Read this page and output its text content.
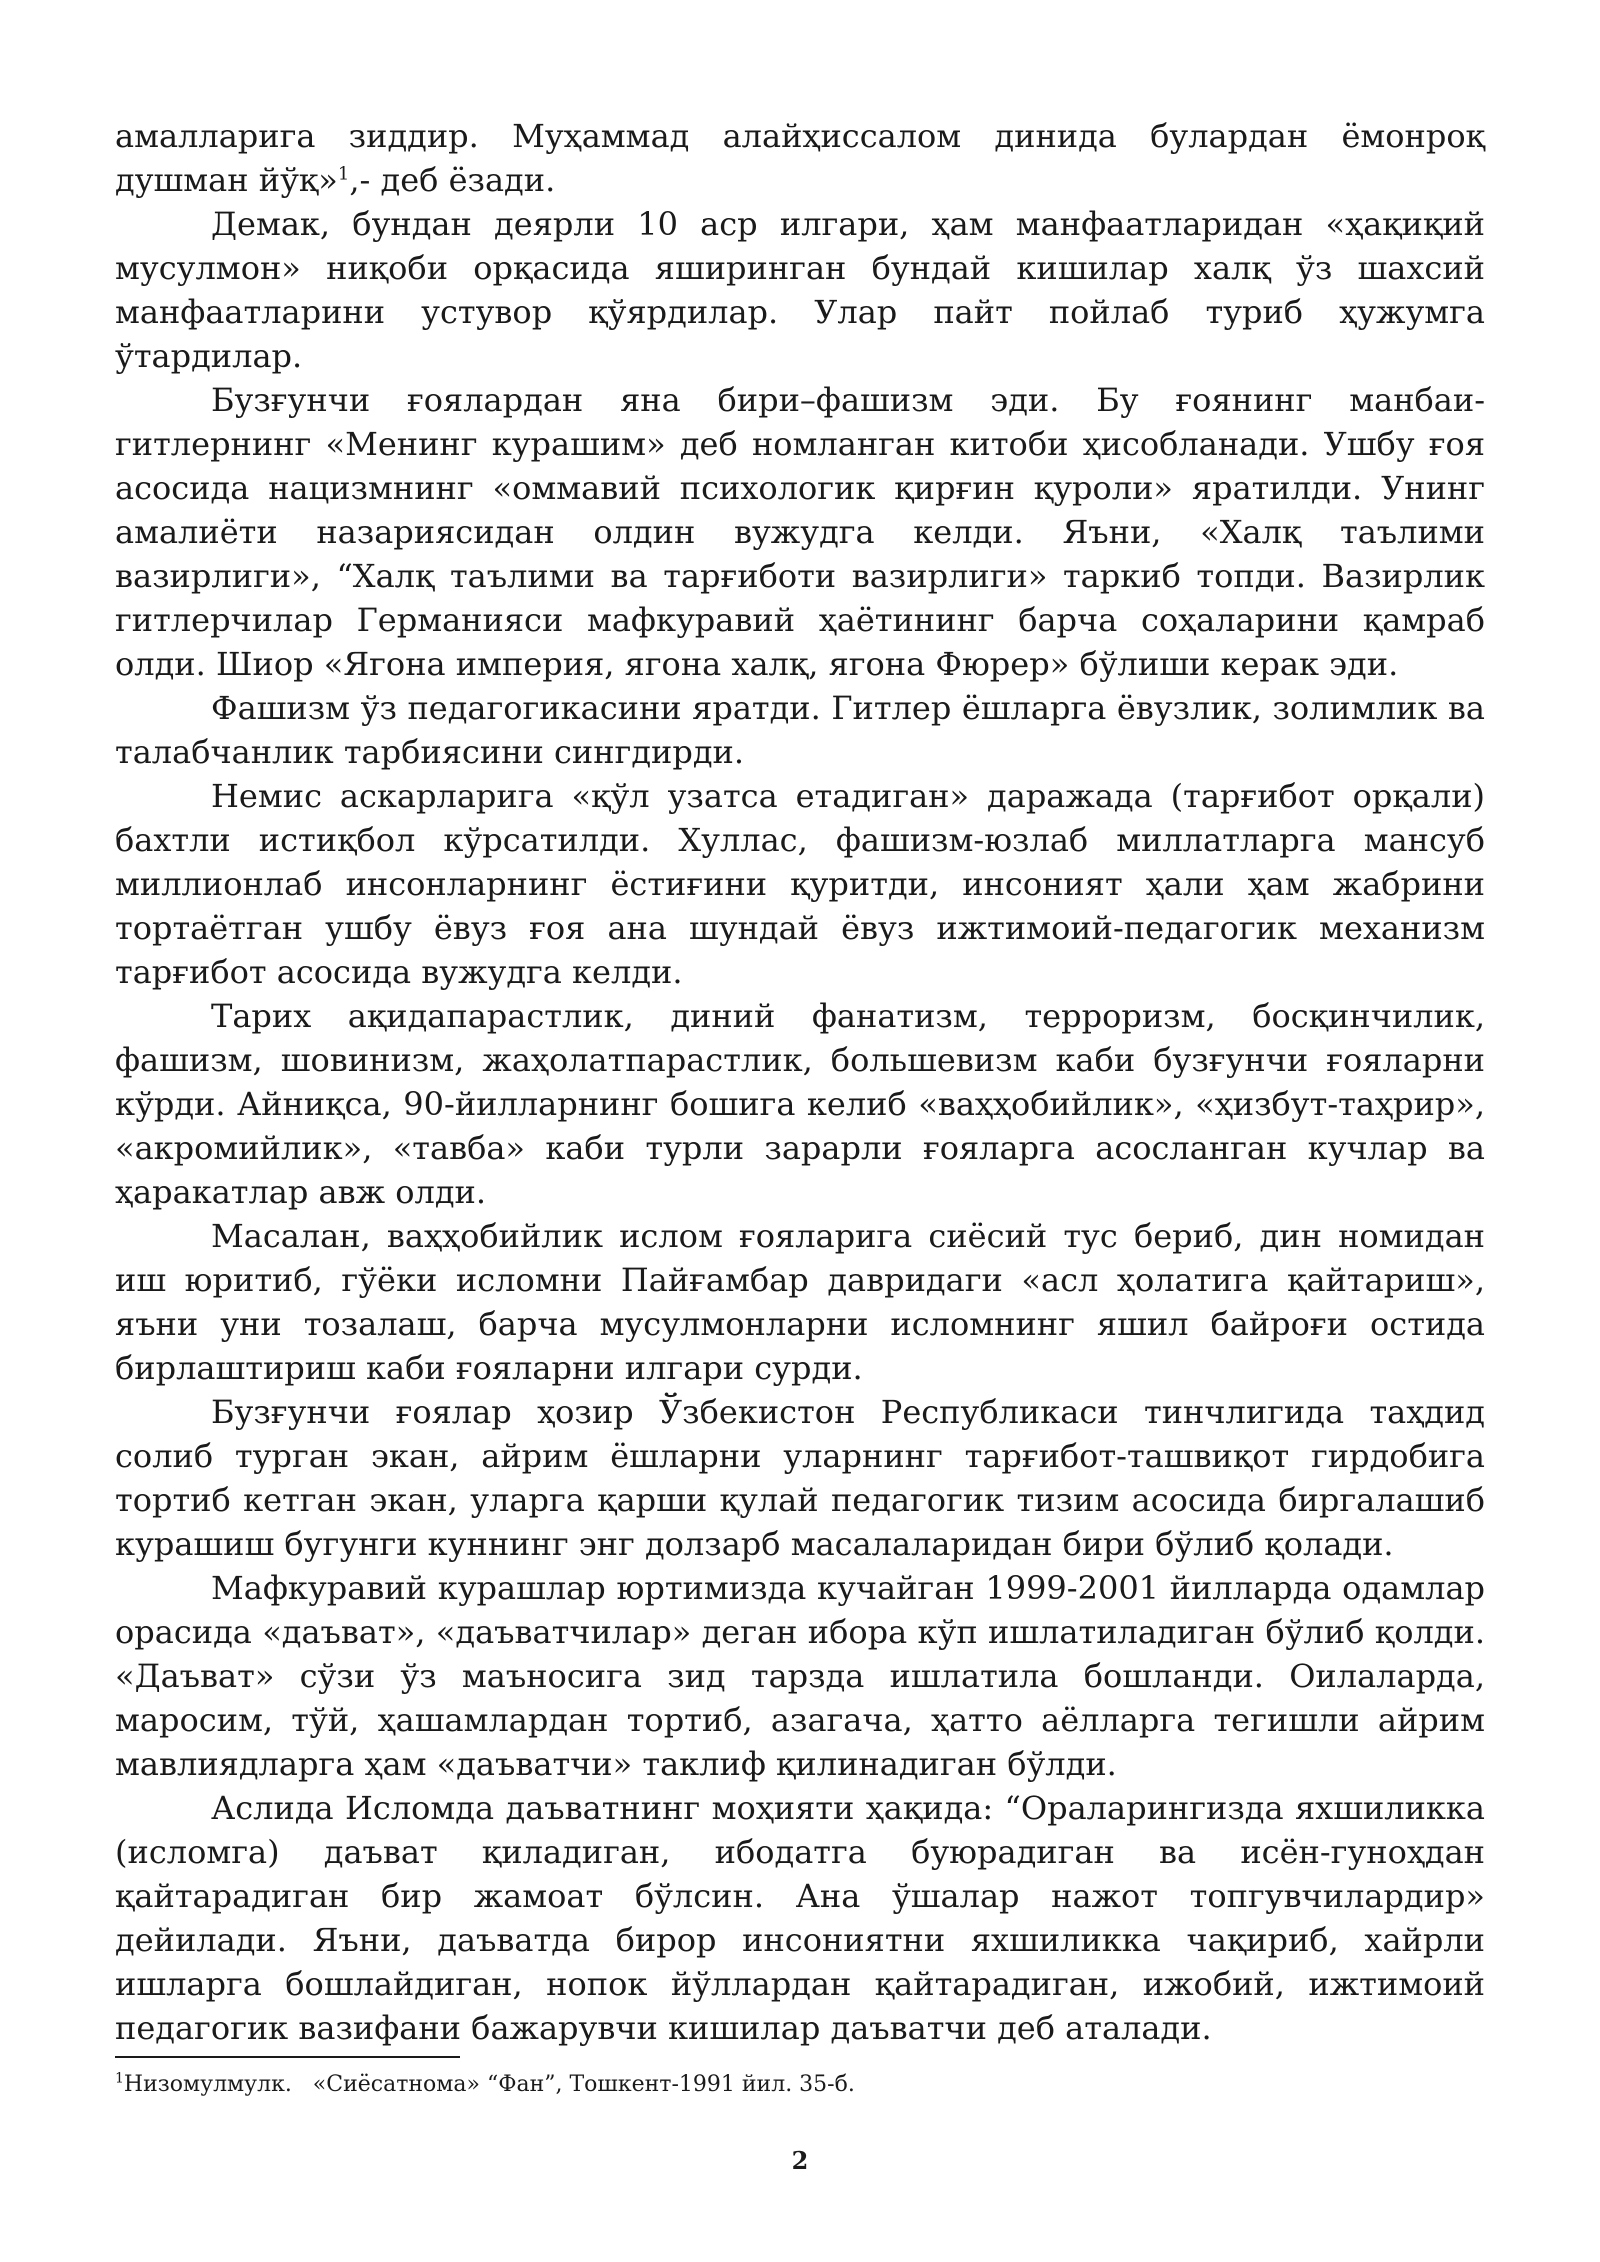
амалларига зиддир. Муҳаммад алайҳиссалом динида булардан ёмонроқ душман йўқ»$^1$,- деб ёзади.

Демак, бундан деярли 10 аср илгари, ҳам манфаатларидан «ҳақиқий мусулмон» ниқоби орқасида яширинган бундай кишилар халқ ўз шахсий манфаатларини устувор қўярдилар. Улар пайт пойлаб туриб ҳужумга ўтардилар.

Бузғунчи ғоялардан яна бири–фашизм эди. Бу ғоянинг манбаи-гитлернинг «Менинг курашим» деб номланган китоби ҳисобланади. Ушбу ғоя асосида нацизмнинг «оммавий психологик қирғин қуроли» яратилди. Унинг амалиёти назариясидан олдин вужудга келди. Яъни, «Халқ таълими вазирлиги», “Халқ таълими ва тарғиботи вазирлиги» таркиб топди. Вазирлик гитлерчилар Германияси мафкуравий ҳаётининг барча соҳаларини қамраб олди. Шиор «Ягона империя, ягона халқ, ягона Фюрер» бўлиши керак эди.

Фашизм ўз педагогикасини яратди. Гитлер ёшларга ёвузлик, золимлик ва талабчанлик тарбиясини сингдирди.

Немис аскарларига «қўл узатса етадиган» даражада (тарғибот орқали) бахтли истиқбол кўрсатилди. Хуллас, фашизм-юзлаб миллатларга мансуб миллионлаб инсонларнинг ёстиғини қуритди, инсоният ҳали ҳам жабрини тортаётган ушбу ёвуз ғоя ана шундай ёвуз ижтимоий-педагогик механизм тарғибот асосида вужудга келди.

Тарих ақидапарастлик, диний фанатизм, терроризм, босқинчилик, фашизм, шовинизм, жаҳолатпарастлик, большевизм каби бузғунчи ғояларни кўрди. Айниқса, 90-йилларнинг бошига келиб «ваҳҳобийлик», «ҳизбут-таҳрир», «акромийлик», «тавба» каби турли зарарли ғояларга асосланган кучлар ва ҳаракатлар авж олди.

Масалан, ваҳҳобийлик ислом ғояларига сиёсий тус бериб, дин номидан иш юритиб, гўёки исломни Пайғамбар давридаги «асл ҳолатига қайтариш», яъни уни тозалаш, барча мусулмонларни исломнинг яшил байроғи остида бирлаштириш каби ғояларни илгари сурди.

Бузғунчи ғоялар ҳозир Ўзбекистон Республикаси тинчлигида таҳдид солиб турган экан, айрим ёшларни уларнинг тарғибот-ташвиқот гирдобига тортиб кетган экан, уларга қарши қулай педагогик тизим асосида биргалашиб курашиш бугунги куннинг энг долзарб масалаларидан бири бўлиб қолади.

Мафкуравий курашлар юртимизда кучайган 1999-2001 йилларда одамлар орасида «даъват», «даъватчилар» деган ибора кўп ишлатиладиган бўлиб қолди. «Даъват» сўзи ўз маъносига зид тарзда ишлатила бошланди. Оилаларда, маросим, тўй, ҳашамлардан тортиб, азагача, ҳатто аёлларга тегишли айрим мавлиядларга ҳам «даъватчи» таклиф қилинадиган бўлди.

Аслида Исломда даъватнинг моҳияти ҳақида: “Ораларингизда яхшиликка (исломга) даъват қиладиган, ибодатга буюрадиган ва исён-гуноҳдан қайтарадиган бир жамоат бўлсин. Ана ўшалар нажот топгувчилардир» дейилади. Яъни, даъватда бирор инсониятни яхшиликка чақириб, хайрли ишларга бошлайдиган, нопок йўллардан қайтарадиган, ижобий, ижтимоий педагогик вазифани бажарувчи кишилар даъватчи деб аталади.

$^1$Низомулмулк.   «Сиёсатнома» “Фан”, Тошкент-1991 йил. 35-б.
2
